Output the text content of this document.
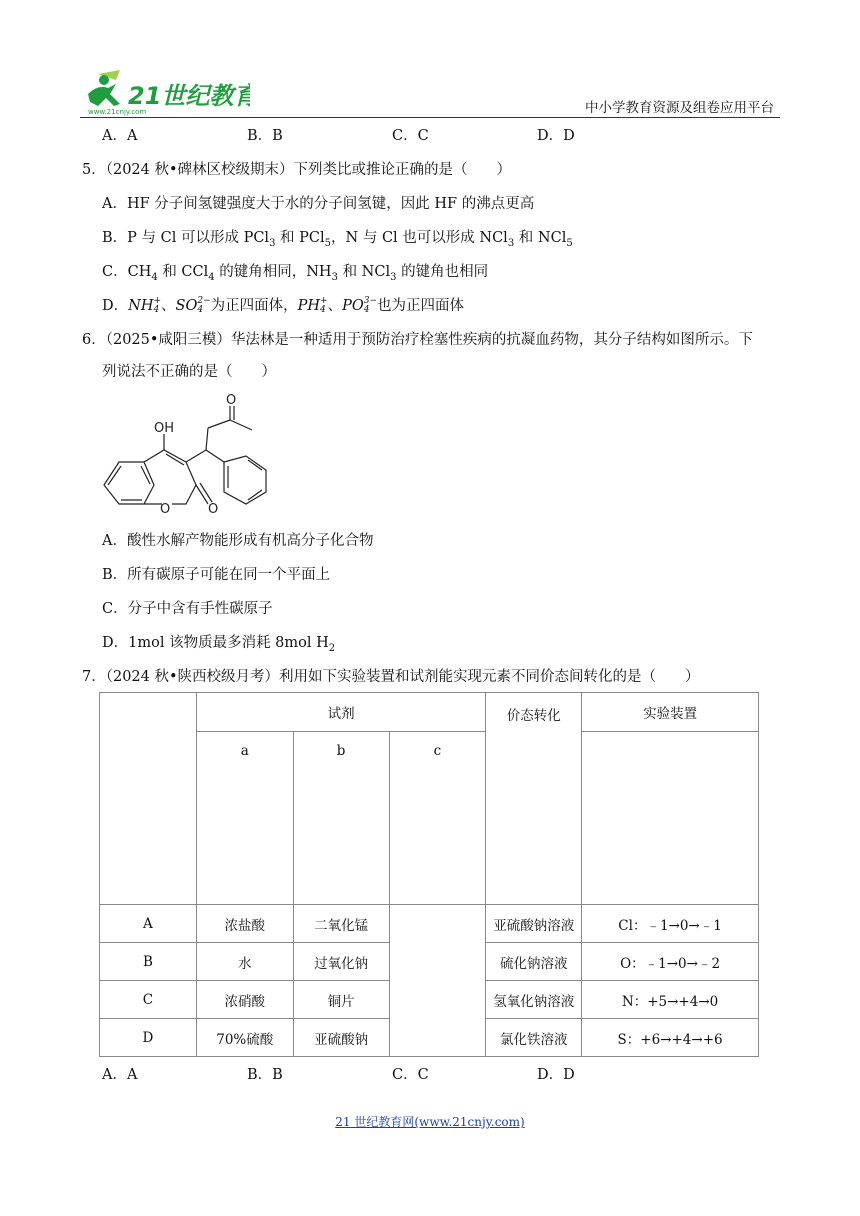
21世纪教育
www.21cnjy.com	中小学教育资源及组卷应用平台
A．A	B．B	C．C	D．D
5．（2024 秋•碑林区校级期末）下列类比或推论正确的是（　　）
A．HF 分子间氢键强度大于水的分子间氢键，因此 HF 的沸点更高
B．P 与 Cl 可以形成 PCl$_3$ 和 PCl$_5$，N 与 Cl 也可以形成 NCl$_3$ 和 NCl$_5$
C．$CH_4$ 和 CCl$_4$ 的键角相同，$NH_3$ 和 NCl$_3$ 的键角也相同
D．NH +
4 、SO 2−
4 为正四面体，PH +
4 、PO 3−
4 也为正四面体
6．（2025•咸阳三模）华法林是一种适用于预防治疗栓塞性疾病的抗凝血药物，其分子结构如图所示。下
列说法不正确的是（　　）
OH
O	O
O
A．酸性水解产物能形成有机高分子化合物
B．所有碳原子可能在同一个平面上
C．分子中含有手性碳原子
D．1mol 该物质最多消耗 8mol $H_2$
7．（2024 秋•陕西校级月考）利用如下实验装置和试剂能实现元素不同价态间转化的是（　　）
	试剂			价态转化	实验装置
	a	b	c		
A	浓盐酸	二氧化锰		亚硫酸钠溶液	Cl：﹣1→0→﹣1
B	水	过氧化钠		硫化钠溶液	O：﹣1→0→﹣2
C	浓硝酸	铜片		氢氧化钠溶液	N：+5→+4→0
D	70%硫酸	亚硫酸钠		氯化铁溶液	S：+6→+4→+6
A．A	B．B	C．C	D．D
21 世纪教育网(www.21cnjy.com)
